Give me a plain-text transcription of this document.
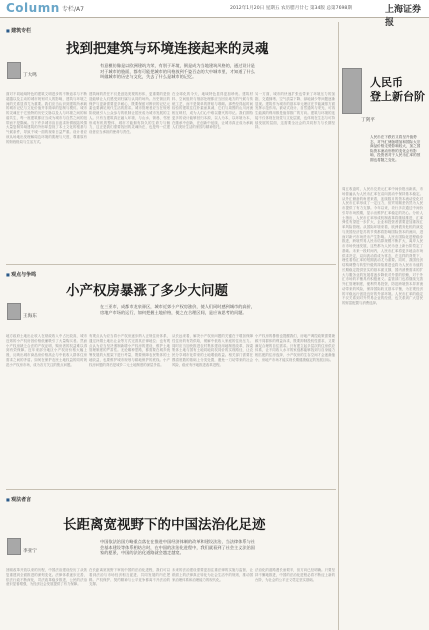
Column 专栏/A7	2012年1月20日 星期五 农历腊月廿七 第34版 总第7698期	上海证券报
■ 建筑专栏
找到把建筑与环境连接起来的灵魂
丁大鸣
有意模仿像是以欧洲建筑为荣，有别于环境，倒是成为当地建筑风格的，通过设计是对于城市的脸面，都有可能把城市的风格放到千姿百态的大中城市里，才知道了什么叫做城市的历史与文化，失去了什么是城市的记忆。
面对不同地域特色的建筑文明进步的不断追求与不断超越以及主动的城市规划对人的影响，建筑与环境之间的关系显得尤为重要。我们应当认识到建筑所承载的城市记忆与文化价值并非简单的复制与模仿。城市的灵魂在于它独特的历史文脉以及人与环境之间的和谐共生，每一座建筑都应当成为城市与自然之间的纽带而不是隔阂。当下许多城市盲目追求所谓欧陆风情大量复制异域建筑的外形却忽视了本土文化的根基与气候条件，导致千城一面的现象日益严重。设计者应该从场地出发理解周边环境的肌理与尺度，尊重原有的街巷格局与生活方式。
建筑师的责任不仅是创造美观的形体，更重要的是营造能够让人们感受到归属与认同的场所。历史街区的保护与更新需要更多耐心，既要保留可辨识的记忆元素也要满足现代生活的需求。城市管理者应当在规划阶段就引入公众参与的机制让居民成为城市发展的主人。只有当建筑真正融入环境，与山水、街巷、邻里形成有机的整体，城市才能拥有持久的生命力与魅力，这正是我们需要找回的灵魂所在，也是每一位建设者应当承担的使命与责任。
在全球化的今天，地域特色显得更加珍贵。建筑材料、空间组织与细部处理都应当回应地方的气候与传统工艺，而不是简单的拼贴与堆砌。那些经得起时间检验的建筑往往朴素而真诚，它们与周围的山川河流相互映衬，成为人们心中难以磨灭的印记。我们期待更多的设计能够回归本源，以人为本，以环境为本，在继承中创新，在创新中延续，让城市真正成为承载人们美好生活的家园与精神依托。
另一方面，城市的快速扩张也带来了环境压力的加剧，交通拥堵、空气质量下降、绿地减少等问题逐渐显现。建筑作为城市的基本单元理应在节能减排方面发挥示范作用。被动式设计、自然通风与采光、可再生能源的利用都是值得推广的方向。建筑与环境的连接不仅体现在视觉与文化层面，也体现在生态与可持续发展的层面，这需要全社会的共同努力与长期坚持。
人民币
登上新台阶
丁剑平
人民币在下跌后又将呈升值势态，对外汇储备增加和国际大宗商品价格走势影响较大，加之国际资本流动形势的变化会有影响，投资者对于人民币汇率的预期也将随之变化。
周五收盘时，人民币兑美元汇率中间价报出新高，市场普遍认为人民币汇率在双向波动中保持基本稳定。从外汇储备的角度来看，连续数月的资本流动变化对人民币汇率形成了一定压力，但贸易顺差仍然为人民币提供了有力支撑。今年以来，央行多次通过中间价引导市场预期，显示出维护汇率稳定的决心。分析人士指出，人民币汇率形成机制改革将继续推进，汇率弹性有望进一步扩大，企业和投资者需要更加重视汇率风险管理。从国际环境来看，欧洲债务危机的演变与美国经济复苏的节奏都将影响国际资本的流向，进而对新兴市场货币产生影响。人民币国际化进程稳步推进，跨境贸易人民币结算规模不断扩大，离岸人民币市场快速发展，这些都为人民币登上新台阶奠定了基础。未来一段时间内，人民币汇率将更多地由市场供求决定，双向波动将成为常态，在这样的背景下，理性看待汇率的短期波动尤为重要。同时，我国经济结构调整与转型升级的持续推进也将为人民币币值的长期稳定提供坚实的基本面支撑，国内消费需求的扩大与服务业的发展将逐步降低对外需的依赖，对于外汇市场的平衡具有积极意义。监管部门也将继续完善外汇管理制度，便利贸易投资，防范跨境资本异常流动带来的风险，保持国际收支基本平衡，为宏观经济的平稳运行创造良好的外部环境。人民币汇率的稳定不仅关系到对外贸易企业的经营，也关系到广大居民的财富配置与消费选择。
■ 观点与争鸣
小产权房暴涨了多少大问题
王海东
在三亚市，成都市龙泉驿区，城市近郊小产权房涨价，使人们同时感到城市的高价，房地产市场的运行，如何把握土地价格，使之在合理区间，是应该思考的问题。
地方政府土地出让收入在财政收入中占比较高，城市近郊的小产权房因价格低廉吸引了大量购买者。然而小产权房缺乏合法的产权证明，购房者的权益难以得到有效保障。近年来部分地区小产权房价格大幅上涨，反映出城市商品房价格高企与中低收入群体住房需求之间的矛盾。如何在保护农民土地权益的同时规范小产权房市场，成为各方关注的焦点问题。
有观点认为应当将小产权房逐步纳入正规住房体系，通过补缴土地出让金等方式完善其法律地位；也有观点认为应当坚决遏制新增小产权房的建设，维护土地管理制度的严肃性。无论哪种思路，都需要在城乡统筹发展的大框架下进行考量，既要保障农民集体的土地收益，也要维护城市规划与耕地保护的底线。小产权房问题的背后是城乡二元土地制度的深层矛盾。
从长远来看，解决小产权房问题的关键在于增加保障性住房的有效供给，缓解中低收入家庭的住房压力。同时应当加快推进农村集体建设用地制度改革，探索集体土地与国有土地同地同权同价的实现路径，让农民分享城市化带来的土地增值收益。相关部门需要在摸清底数的基础上分类处置，避免一刀切带来的社会风险，稳妥有序地推进改革进程。
小产权房的暴涨也提醒我们，房地产调控政策需要兼顾不同群体的利益诉求，既要抑制投机性需求，又要满足合理的自住需求。只有建立起多层次的住房供应体系，让不同收入水平的家庭都能够找到与自身能力相匹配的住房选择，小产权房的生存空间才会逐渐缩小，房地产市场才能实现长期健康稳定的发展目标。
■ 观法者言
长距离宽视野下的中国法治化足迹
李亚宁
中国依法治国方略重点落在在推进中国经济体制的改革和建设法治，当法律体系与社会基本建设等体系相结合时，在中国的法治化进程中，我们就看到了社会主义法治国家的愿景，中国的法治化道路就会越走越宽。
回顾改革开放以来的历程，中国法治建设经历了从恢复重建到全面推进的深刻变化。法律体系逐步完善，依法行政不断深化，司法改革稳步推进，公民的法治意识显著增强，为经济社会发展提供了有力保障。
在长距离宽视野下审视中国的法治化进程，我们可以看到法治与市场经济相互促进、共同发展的内在逻辑。产权保护、契约精神与公平竞争都离不开法治的支撑。
未来的法治建设需要更加注重法律的实施与监督，让纸面上的法律真正转化为社会生活中的规则，推动国家治理体系和治理能力的现代化。
法治化的道路漫长而艰辛，但方向已经明确。只要坚持不懈地推进，中国的法治化进程必将不断迈上新的台阶，为社会的公平正义奠定坚实基础。
